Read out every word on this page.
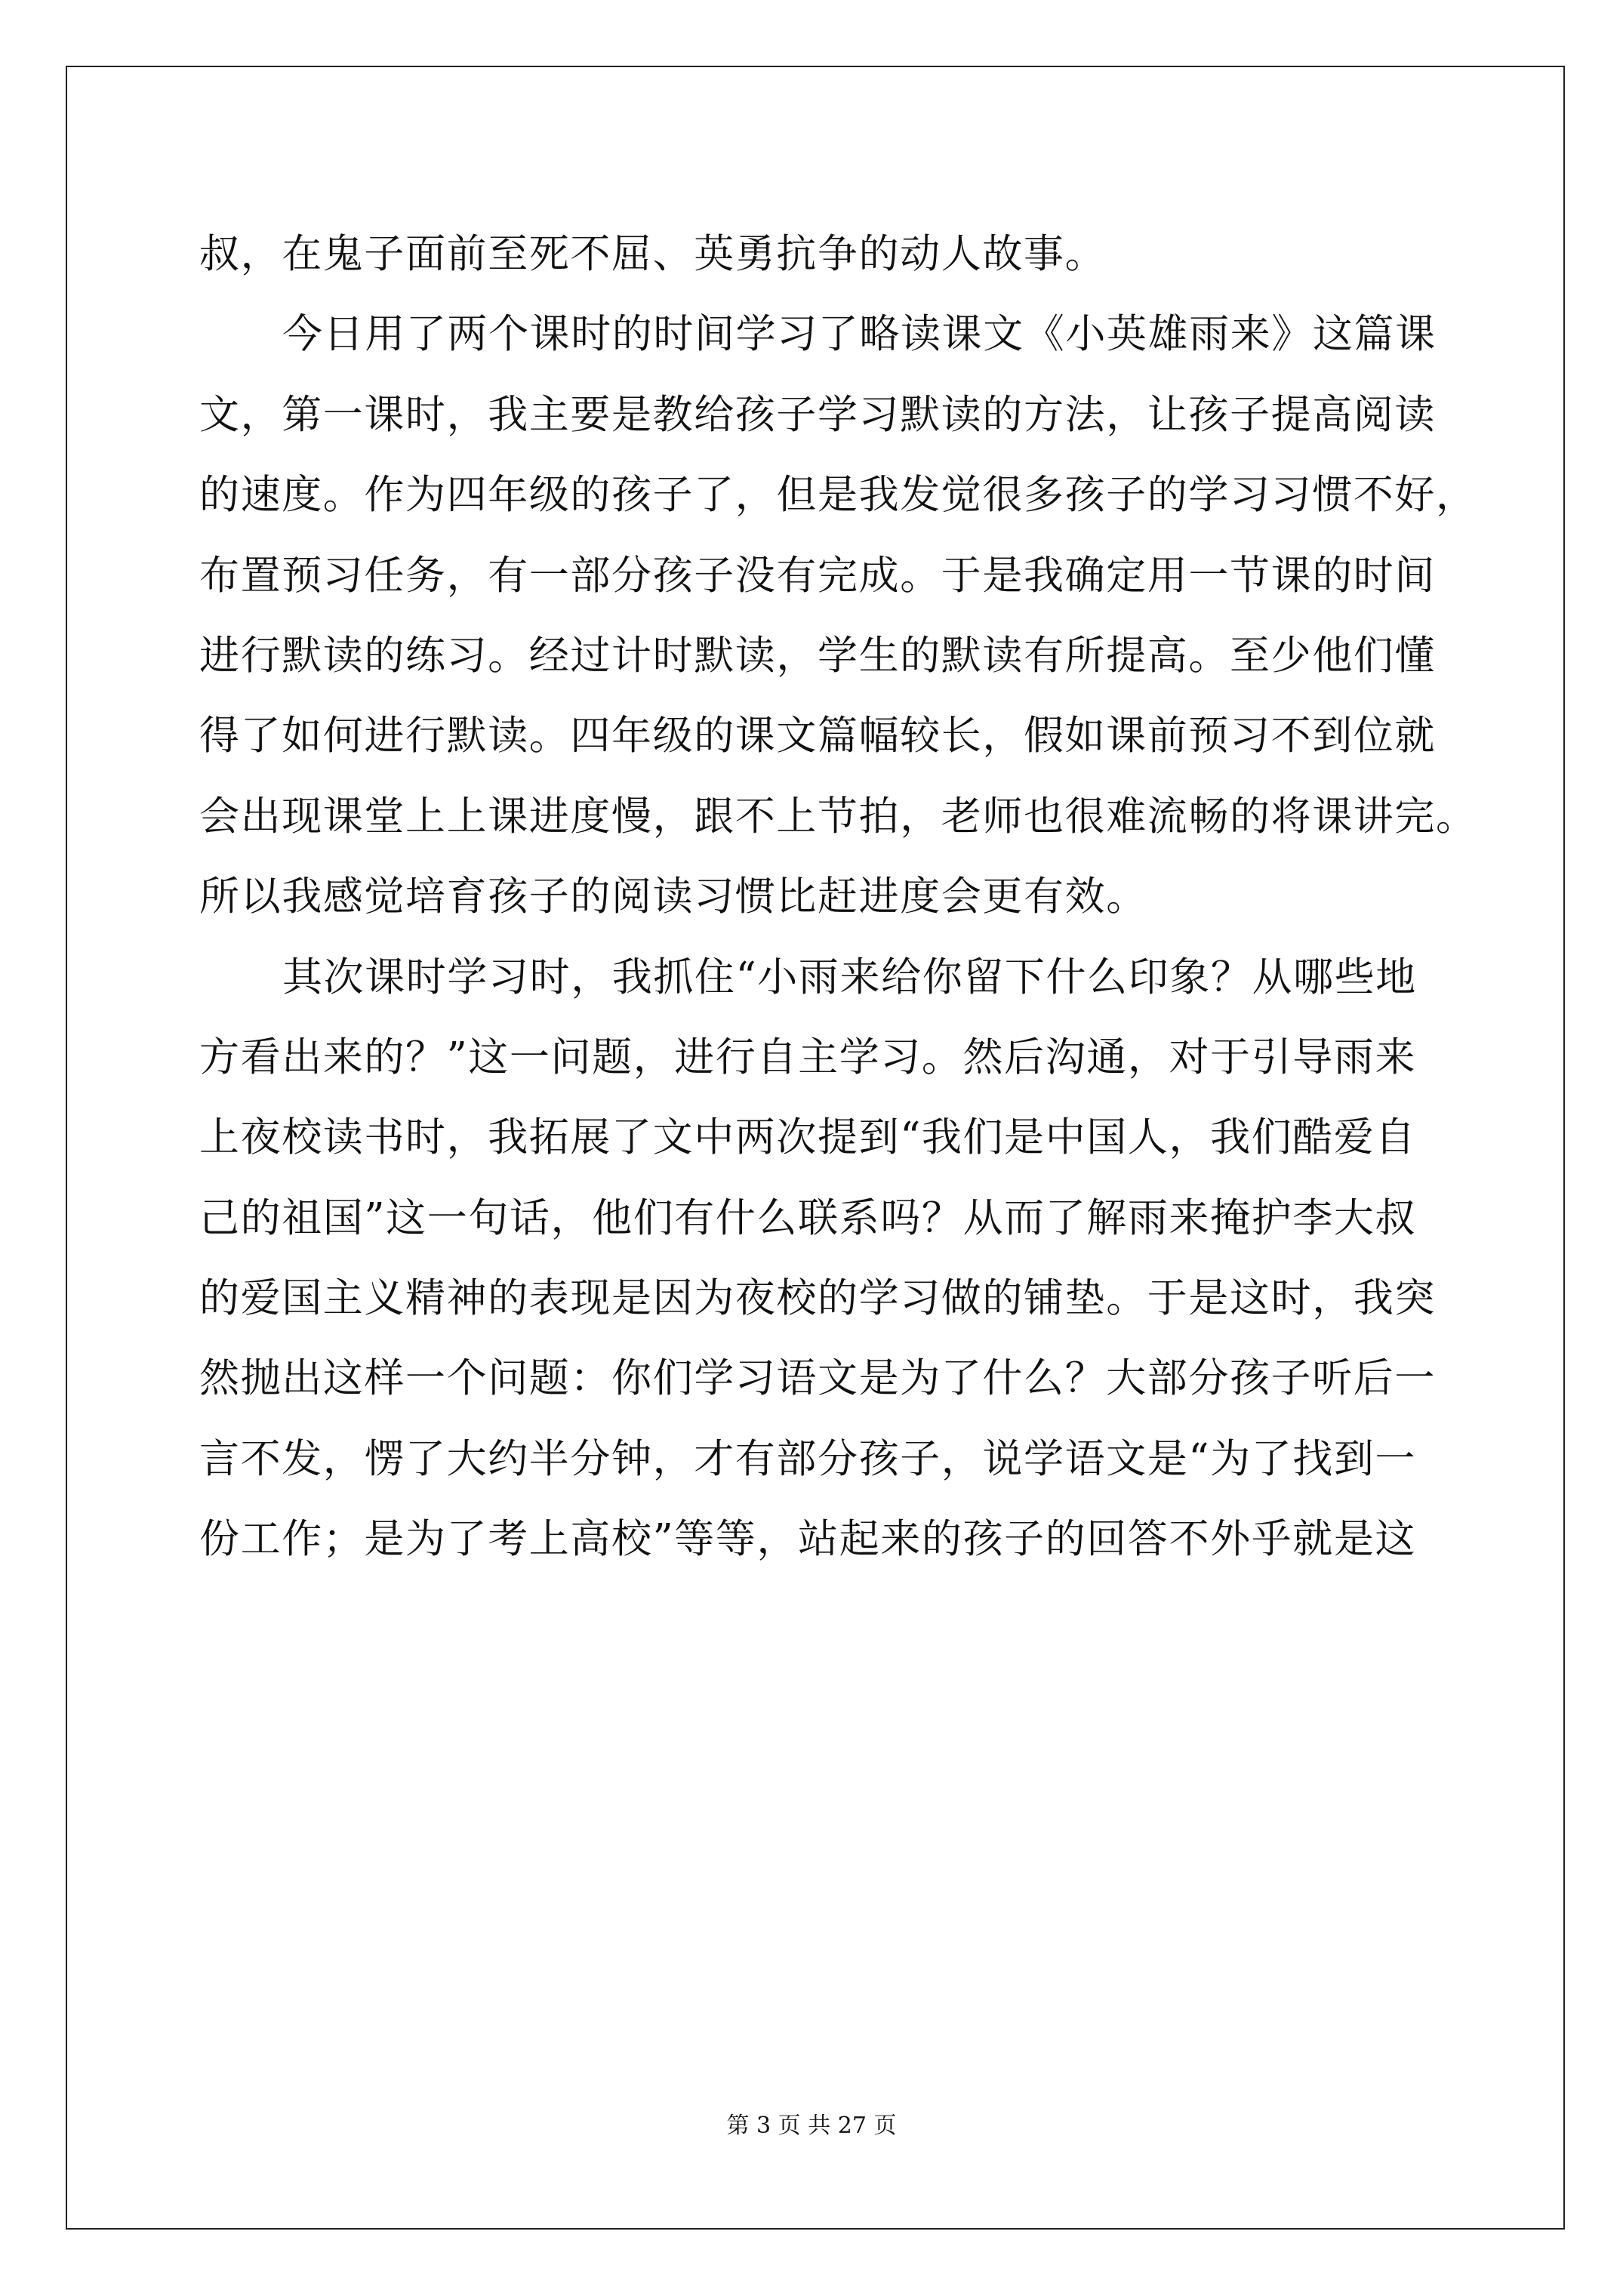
叔，在鬼子面前至死不屈、英勇抗争的动人故事。
今日用了两个课时的时间学习了略读课文《小英雄雨来》这篇课
文，第一课时，我主要是教给孩子学习默读的方法，让孩子提高阅读
的速度。作为四年级的孩子了，但是我发觉很多孩子的学习习惯不好，
布置预习任务，有一部分孩子没有完成。于是我确定用一节课的时间
进行默读的练习。经过计时默读，学生的默读有所提高。至少他们懂
得了如何进行默读。四年级的课文篇幅较长，假如课前预习不到位就
会出现课堂上上课进度慢，跟不上节拍，老师也很难流畅的将课讲完。
所以我感觉培育孩子的阅读习惯比赶进度会更有效。
其次课时学习时，我抓住“小雨来给你留下什么印象？从哪些地
方看出来的？”这一问题，进行自主学习。然后沟通，对于引导雨来
上夜校读书时，我拓展了文中两次提到“我们是中国人，我们酷爱自
己的祖国”这一句话，他们有什么联系吗？从而了解雨来掩护李大叔
的爱国主义精神的表现是因为夜校的学习做的铺垫。于是这时，我突
然抛出这样一个问题：你们学习语文是为了什么？大部分孩子听后一
言不发，愣了大约半分钟，才有部分孩子，说学语文是“为了找到一
份工作；是为了考上高校”等等，站起来的孩子的回答不外乎就是这
第 3 页 共 27 页
